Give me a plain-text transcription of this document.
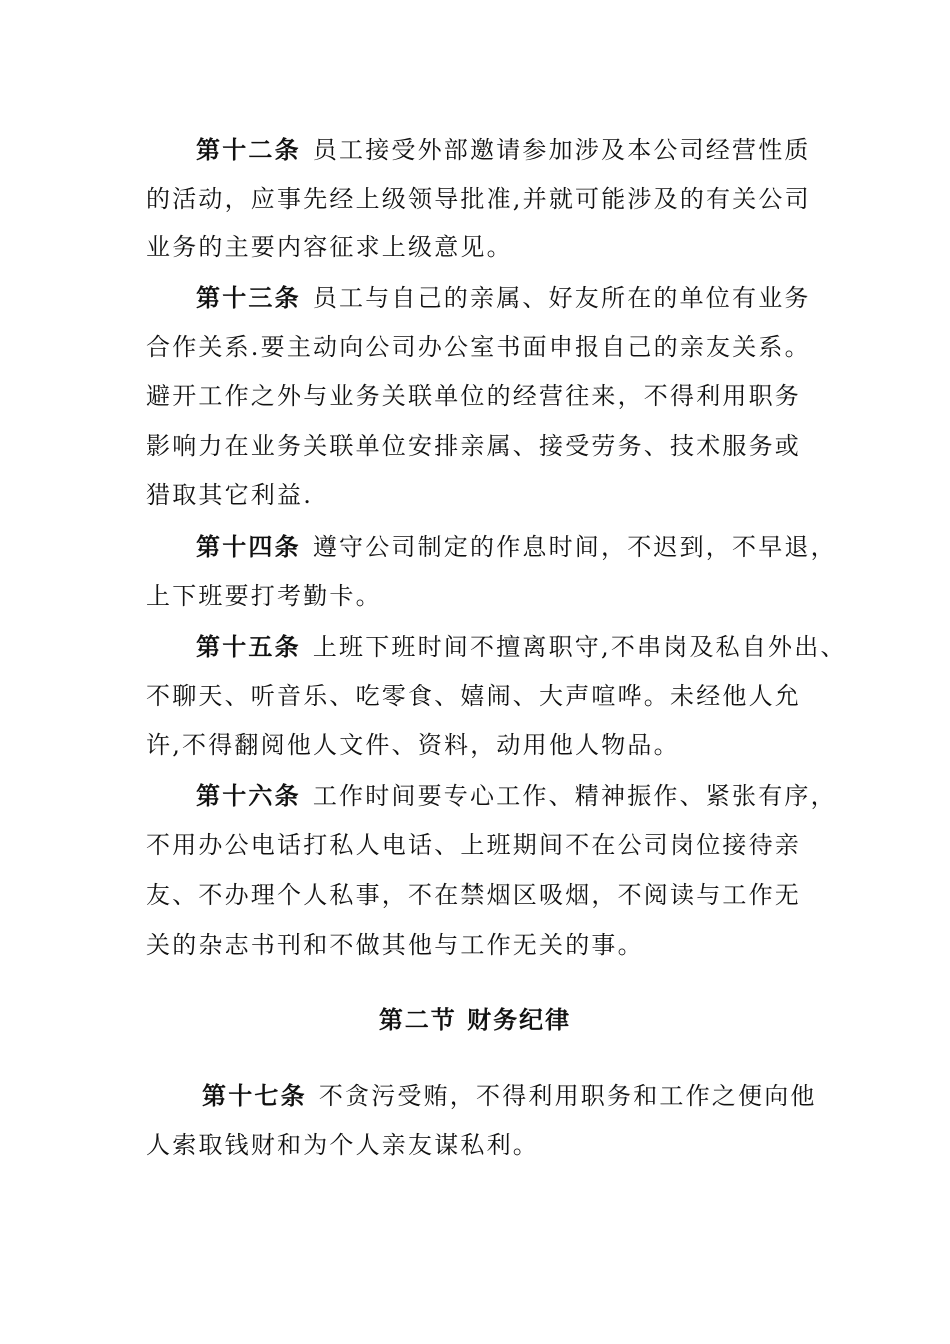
第十二条 员工接受外部邀请参加涉及本公司经营性质
的活动，应事先经上级领导批准,并就可能涉及的有关公司
业务的主要内容征求上级意见。
第十三条 员工与自己的亲属、好友所在的单位有业务
合作关系.要主动向公司办公室书面申报自己的亲友关系。
避开工作之外与业务关联单位的经营往来，不得利用职务
影响力在业务关联单位安排亲属、接受劳务、技术服务或
猎取其它利益.
第十四条 遵守公司制定的作息时间，不迟到，不早退，
上下班要打考勤卡。
第十五条 上班下班时间不擅离职守,不串岗及私自外出、
不聊天、听音乐、吃零食、嬉闹、大声喧哗。未经他人允
许,不得翻阅他人文件、资料，动用他人物品。
第十六条 工作时间要专心工作、精神振作、紧张有序，
不用办公电话打私人电话、上班期间不在公司岗位接待亲
友、不办理个人私事，不在禁烟区吸烟，不阅读与工作无
关的杂志书刊和不做其他与工作无关的事。
第二节 财务纪律
第十七条 不贪污受贿，不得利用职务和工作之便向他
人索取钱财和为个人亲友谋私利。
